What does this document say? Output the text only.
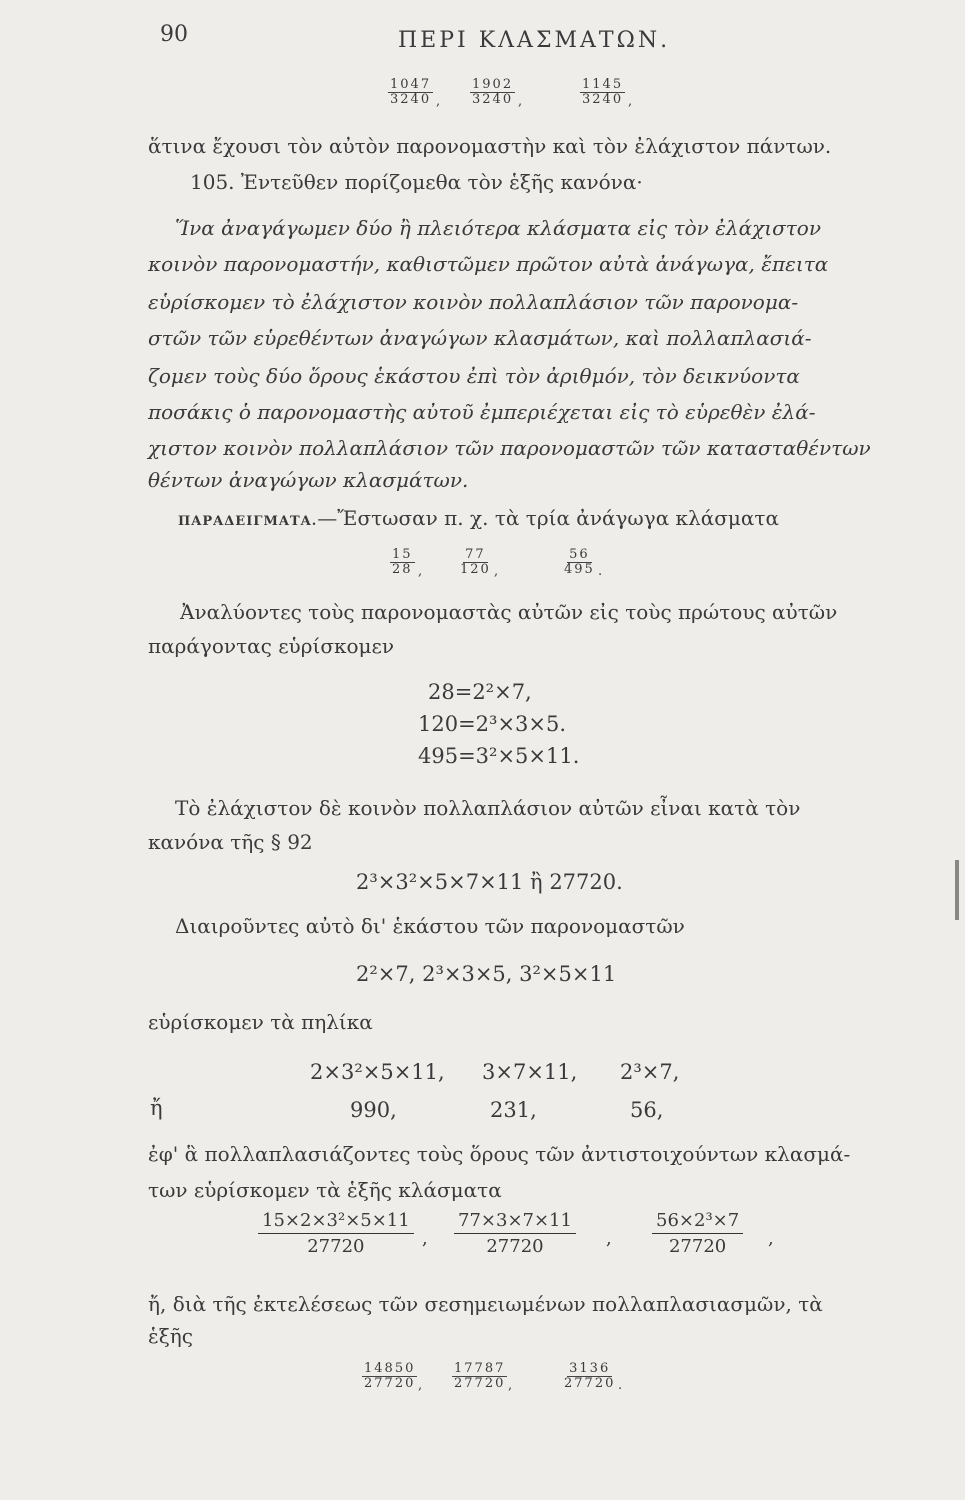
90	ΠΕΡΙ ΚΛΑΣΜΑΤΩΝ.
$\frac{1047}{3240}$ , $\frac{1902}{3240}$ ,	$\frac{1145}{3240}$ ,
ἅτινα ἔχουσι τὸν αὐτὸν παρονομαστὴν καὶ τὸν ἐλάχιστον πάντων.
105. Ἐντεῦθεν πορίζομεθα τὸν ἑξῆς κανόνα·
Ἵνα ἀναγάγωμεν δύο ἢ πλειότερα κλάσματα εἰς τὸν ἐλάχιστον
κοινὸν παρονομαστήν, καθιστῶμεν πρῶτον αὐτὰ ἀνάγωγα, ἔπειτα
εὑρίσκομεν τὸ ἐλάχιστον κοινὸν πολλαπλάσιον τῶν παρονομα-
στῶν τῶν εὑρεθέντων ἀναγώγων κλασμάτων, καὶ πολλαπλασιά-
ζομεν τοὺς δύο ὅρους ἑκάστου ἐπὶ τὸν ἀριθμόν, τὸν δεικνύοντα
ποσάκις ὁ παρονομαστὴς αὐτοῦ ἐμπεριέχεται εἰς τὸ εὑρεθὲν ἐλά-
χιστον κοινὸν πολλαπλάσιον τῶν παρονομαστῶν τῶν κατασταθέντων
θέντων ἀναγώγων κλασμάτων.
ΠΑΡΑΔΕΙΓΜΑΤΑ.—Ἔστωσαν π. χ. τὰ τρία ἀνάγωγα κλάσματα
$\frac{15}{28}$ ,	$\frac{77}{120}$ ,	$\frac{56}{495}$ .
Ἀναλύοντες τοὺς παρονομαστὰς αὐτῶν εἰς τοὺς πρώτους αὐτῶν
παράγοντας εὑρίσκομεν
28=2²×7,
120=2³×3×5.
495=3²×5×11.
Τὸ ἐλάχιστον δὲ κοινὸν πολλαπλάσιον αὐτῶν εἶναι κατὰ τὸν
κανόνα τῆς § 92
2³×3²×5×7×11 ἢ 27720.
Διαιροῦντες αὐτὸ δι' ἑκάστου τῶν παρονομαστῶν
2²×7, 2³×3×5, 3²×5×11
εὑρίσκομεν τὰ πηλίκα
2×3²×5×11, 3×7×11, 2³×7,
ἤ	990,	231,	56,
ἐφ' ἃ πολλαπλασιάζοντες τοὺς ὅρους τῶν ἀντιστοιχούντων κλασμά-
των εὑρίσκομεν τὰ ἑξῆς κλάσματα
$\frac{\text{15×2×3²×5×11}}{27720}$ , $\frac{77\times 3\times 7\times 11}{27720}$ , $\frac{\text{56×2³×7}}{27720}$ ,
ἤ, διὰ τῆς ἐκτελέσεως τῶν σεσημειωμένων πολλαπλασιασμῶν, τὰ
ἑξῆς
$\frac{14850}{27720}$ , $\frac{17787}{27720}$ ,	$\frac{3136}{27720}$ .
